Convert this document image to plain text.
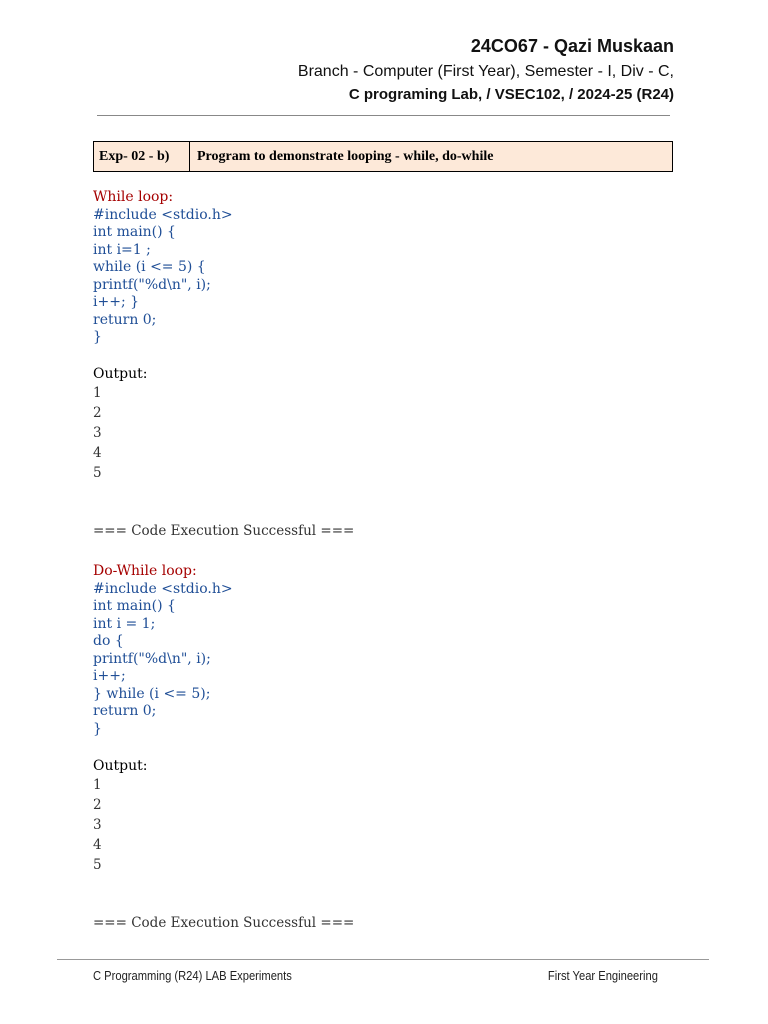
24CO67 - Qazi Muskaan
Branch - Computer (First Year), Semester - I, Div - C,
C programing Lab, / VSEC102, / 2024-25 (R24)
Exp- 02 - b)	Program to demonstrate looping - while, do-while
While loop:
#include <stdio.h>
int main() {
int i=1 ;
while (i <= 5) {
printf("%d\n", i);
i++; }
return 0;
}
Output:
1
2
3
4
5
=== Code Execution Successful ===
Do-While loop:
#include <stdio.h>
int main() {
int i = 1;
do {
printf("%d\n", i);
i++;
} while (i <= 5);
return 0;
}
Output:
1
2
3
4
5
=== Code Execution Successful ===
C Programming (R24) LAB Experiments	First Year Engineering
